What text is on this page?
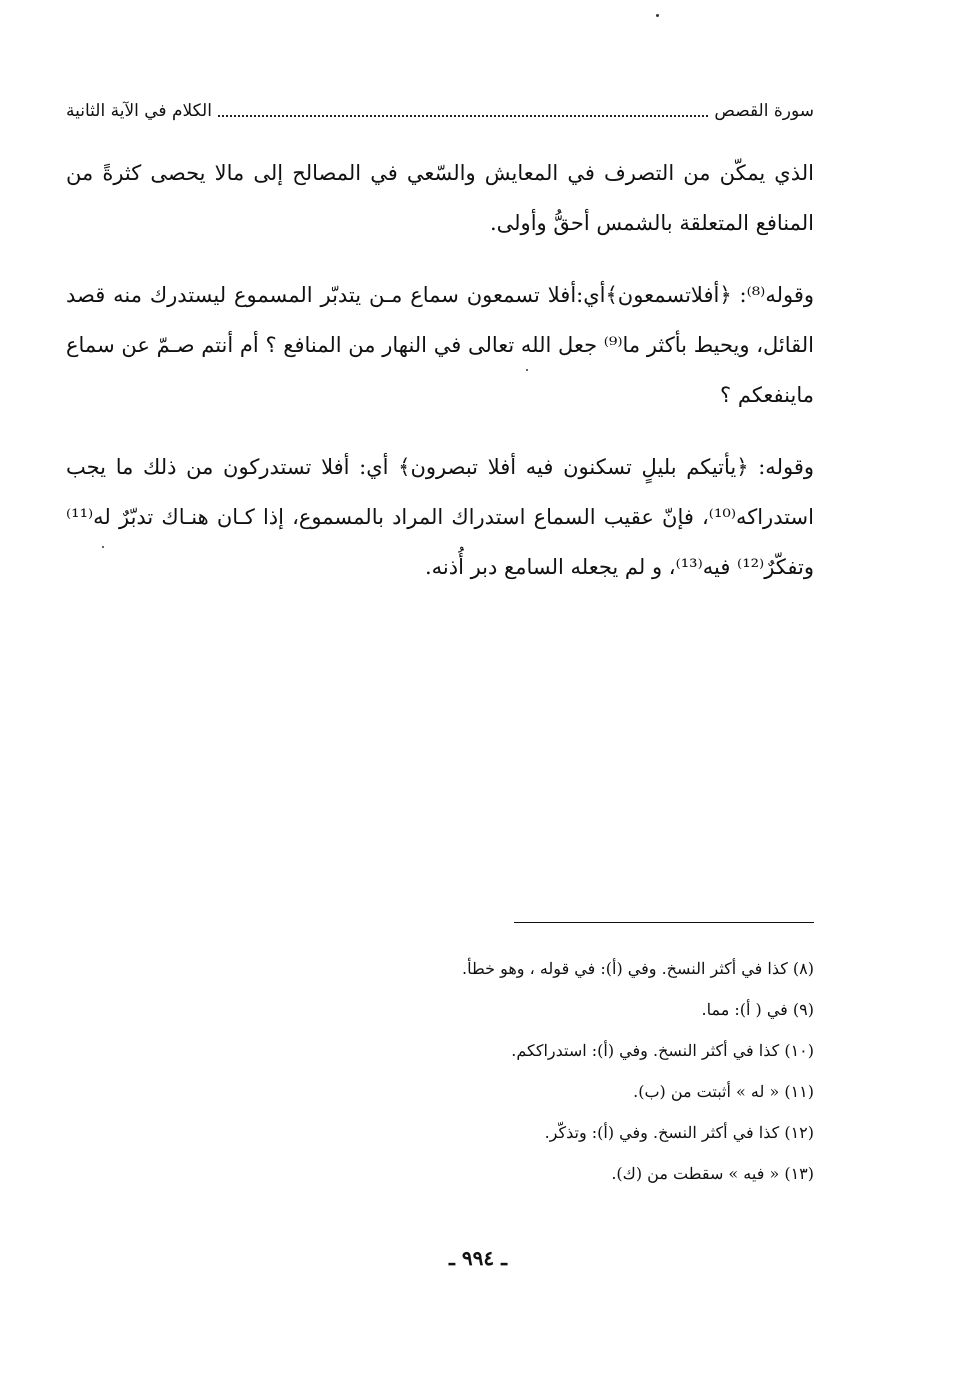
سورة القصص
الكلام في الآية الثانية

الذي يمكّن من التصرف في المعايش والسّعي في المصالح إلى مالا يحصى كثرةً من المنافع المتعلقة بالشمس أحقُّ وأولى.

وقوله⁽⁸⁾: ﴿أفلاتسمعون﴾أي:أفلا تسمعون سماع مـن يتدبّر المسموع ليستدرك منه قصد القائل، ويحيط بأكثر ما⁽⁹⁾ جعل الله تعالى في النهار من المنافع ؟ أم أنتم صـمّ عن سماع ماينفعكم ؟

وقوله: ﴿يأتيكم بليلٍ تسكنون فيه أفلا تبصرون﴾ أي: أفلا تستدركون من ذلك ما يجب استدراكه⁽¹⁰⁾، فإنّ عقيب السماع استدراك المراد بالمسموع، إذا كـان هنـاك تدبّرٌ له⁽¹¹⁾ وتفكّرٌ⁽¹²⁾ فيه⁽¹³⁾، و لم يجعله السامع دبر أُذنه.

(٨) كذا في أكثر النسخ. وفي (أ): في قوله ، وهو خطأ.
(٩) في ( أ): مما.
(١٠) كذا في أكثر النسخ. وفي (أ): استدراككم.
(١١) « له » أثبتت من (ب).
(١٢) كذا في أكثر النسخ. وفي (أ): وتذكّر.
(١٣) « فيه » سقطت من (ك).
ـ ٩٩٤ ـ
